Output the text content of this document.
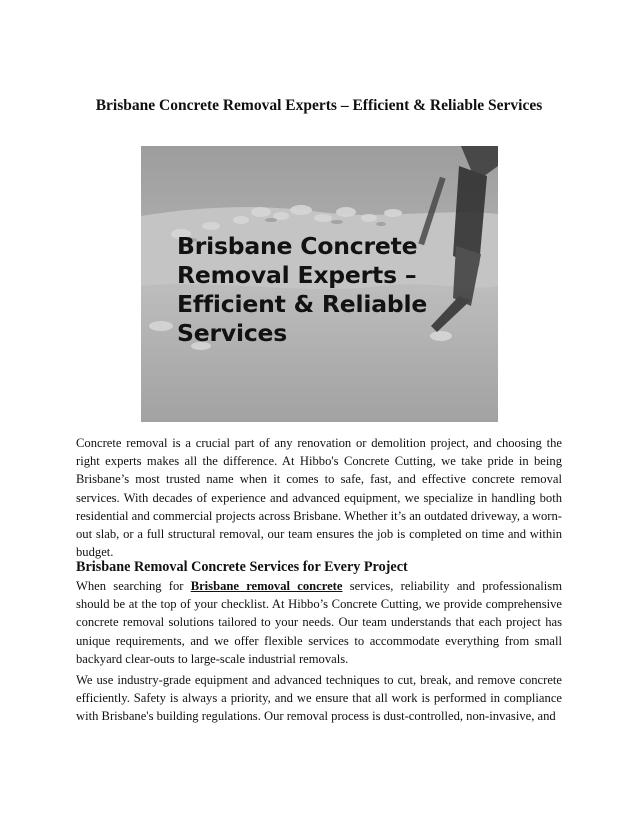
Brisbane Concrete Removal Experts – Efficient & Reliable Services
Brisbane Concrete
Removal Experts –
Efficient & Reliable
Services

Concrete removal is a crucial part of any renovation or demolition project, and choosing the right experts makes all the difference. At Hibbo's Concrete Cutting, we take pride in being Brisbane’s most trusted name when it comes to safe, fast, and effective concrete removal services. With decades of experience and advanced equipment, we specialize in handling both residential and commercial projects across Brisbane. Whether it’s an outdated driveway, a worn-out slab, or a full structural removal, our team ensures the job is completed on time and within budget.

Brisbane Removal Concrete Services for Every Project

When searching for Brisbane removal concrete services, reliability and professionalism should be at the top of your checklist. At Hibbo’s Concrete Cutting, we provide comprehensive concrete removal solutions tailored to your needs. Our team understands that each project has unique requirements, and we offer flexible services to accommodate everything from small backyard clear-outs to large-scale industrial removals.

We use industry-grade equipment and advanced techniques to cut, break, and remove concrete efficiently. Safety is always a priority, and we ensure that all work is performed in compliance with Brisbane's building regulations. Our removal process is dust-controlled, non-invasive, and
